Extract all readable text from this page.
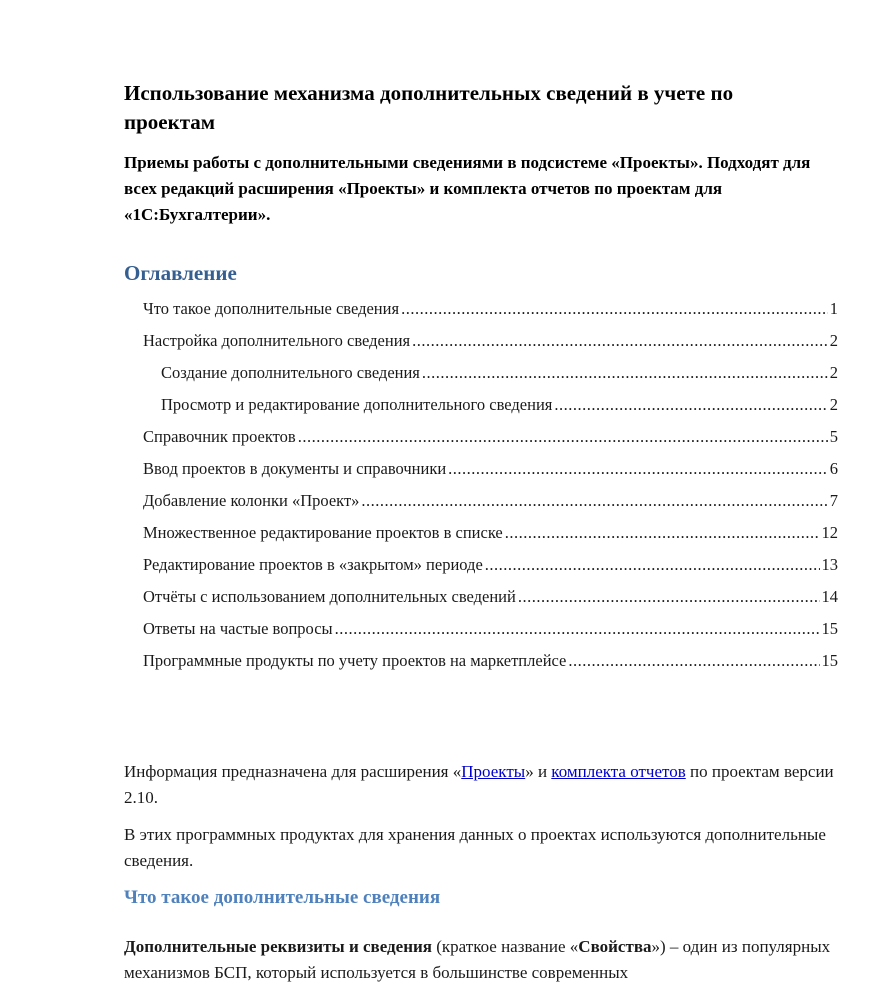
Использование механизма дополнительных сведений в учете по проектам
Приемы работы с дополнительными сведениями в подсистеме «Проекты». Подходят для всех редакций расширения «Проекты» и комплекта отчетов по проектам для «1С:Бухгалтерии».
Оглавление
Что такое дополнительные сведения .....	1
Настройка дополнительного сведения .....	2
Создание дополнительного сведения .....	2
Просмотр и редактирование дополнительного сведения .....	2
Справочник проектов .....	5
Ввод проектов в документы и справочники .....	6
Добавление колонки «Проект» .....	7
Множественное редактирование проектов в списке .....	12
Редактирование проектов в «закрытом» периоде .....	13
Отчёты с использованием дополнительных сведений .....	14
Ответы на частые вопросы .....	15
Программные продукты по учету проектов на маркетплейсе .....	15
Информация предназначена для расширения «Проекты» и комплекта отчетов по проектам версии 2.10.
В этих программных продуктах для хранения данных о проектах используются дополнительные сведения.
Что такое дополнительные сведения
Дополнительные реквизиты и сведения (краткое название «Свойства») – один из популярных механизмов БСП, который используется в большинстве современных
